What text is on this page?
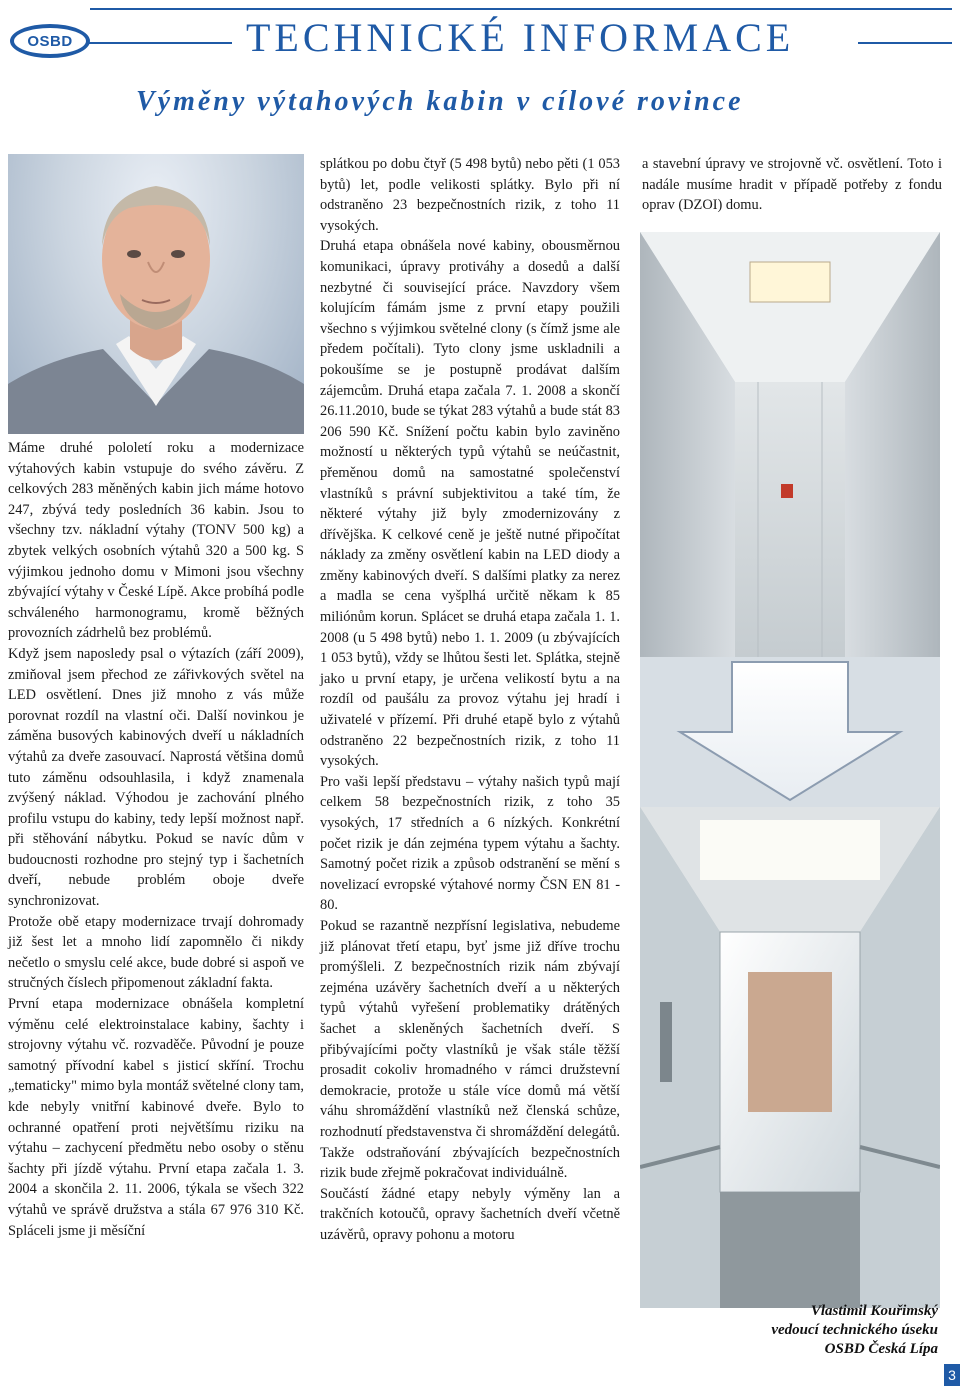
OSBD	TECHNICKÉ INFORMACE
Výměny výtahových kabin v cílové rovince

Máme druhé pololetí roku a modernizace výtahových kabin vstupuje do svého závěru. Z celkových 283 měněných kabin jich máme hotovo 247, zbývá tedy posledních 36 kabin. Jsou to všechny tzv. nákladní výtahy (TONV 500 kg) a zbytek velkých osobních výtahů 320 a 500 kg. S výjimkou jednoho domu v Mimoni jsou všechny zbývající výtahy v České Lípě. Akce probíhá podle schváleného harmonogramu, kromě běžných provozních zádrhelů bez problémů.

Když jsem naposledy psal o výtazích (září 2009), zmiňoval jsem přechod ze zářivkových světel na LED osvětlení. Dnes již mnoho z vás může porovnat rozdíl na vlastní oči. Další novinkou je záměna busových kabinových dveří u nákladních výtahů za dveře zasouvací. Naprostá většina domů tuto záměnu odsouhlasila, i když znamenala zvýšený náklad. Výhodou je zachování plného profilu vstupu do kabiny, tedy lepší možnost např. při stěhování nábytku. Pokud se navíc dům v budoucnosti rozhodne pro stejný typ i šachetních dveří, nebude problém oboje dveře synchronizovat.

Protože obě etapy modernizace trvají dohromady již šest let a mnoho lidí zapomnělo či nikdy nečetlo o smyslu celé akce, bude dobré si aspoň ve stručných číslech připomenout základní fakta.

První etapa modernizace obnášela kompletní výměnu celé elektroinstalace kabiny, šachty i strojovny výtahu vč. rozvaděče. Původní je pouze samotný přívodní kabel s jisticí skříní. Trochu „tematicky" mimo byla montáž světelné clony tam, kde nebyly vnitřní kabinové dveře. Bylo to ochranné opatření proti největšímu riziku na výtahu – zachycení předmětu nebo osoby o stěnu šachty při jízdě výtahu. První etapa začala 1. 3. 2004 a skončila 2. 11. 2006, týkala se všech 322 výtahů ve správě družstva a stála 67 976 310 Kč. Spláceli jsme ji měsíční

splátkou po dobu čtyř (5 498 bytů) nebo pěti (1 053 bytů) let, podle velikosti splátky. Bylo při ní odstraněno 23 bezpečnostních rizik, z toho 11 vysokých.

Druhá etapa obnášela nové kabiny, obousměrnou komunikaci, úpravy protiváhy a dosedů a další nezbytné či související práce. Navzdory všem kolujícím fámám jsme z první etapy použili všechno s výjimkou světelné clony (s čímž jsme ale předem počítali). Tyto clony jsme uskladnili a pokoušíme se je postupně prodávat dalším zájemcům. Druhá etapa začala 7. 1. 2008 a skončí 26.11.2010, bude se týkat 283 výtahů a bude stát 83 206 590 Kč. Snížení počtu kabin bylo zaviněno možností u některých typů výtahů se neúčastnit, přeměnou domů na samostatné společenství vlastníků s právní subjektivitou a také tím, že některé výtahy již byly zmodernizovány z dřívějška. K celkové ceně je ještě nutné připočítat náklady za změny osvětlení kabin na LED diody a změny kabinových dveří. S dalšími platky za nerez a madla se cena vyšplhá určitě někam k 85 miliónům korun. Splácet se druhá etapa začala 1. 1. 2008 (u 5 498 bytů) nebo 1. 1. 2009 (u zbývajících 1 053 bytů), vždy se lhůtou šesti let. Splátka, stejně jako u první etapy, je určena velikostí bytu a na rozdíl od paušálu za provoz výtahu jej hradí i uživatelé v přízemí. Při druhé etapě bylo z výtahů odstraněno 22 bezpečnostních rizik, z toho 11 vysokých.

Pro vaši lepší představu – výtahy našich typů mají celkem 58 bezpečnostních rizik, z toho 35 vysokých, 17 středních a 6 nízkých. Konkrétní počet rizik je dán zejména typem výtahu a šachty. Samotný počet rizik a způsob odstranění se mění s novelizací evropské výtahové normy ČSN EN 81 - 80.

Pokud se razantně nezpřísní legislativa, nebudeme již plánovat třetí etapu, byť jsme již dříve trochu promýšleli. Z bezpečnostních rizik nám zbývají zejména uzávěry šachetních dveří a u některých typů výtahů vyřešení problematiky drátěných šachet a skleněných šachetních dveří. S přibývajícími počty vlastníků je však stále těžší prosadit cokoliv hromadného v rámci družstevní demokracie, protože u stále více domů má větší váhu shromáždění vlastníků než členská schůze, rozhodnutí představenstva či shromáždění delegátů. Takže odstraňování zbývajících bezpečnostních rizik bude zřejmě pokračovat individuálně.

Součástí žádné etapy nebyly výměny lan a trakčních kotoučů, opravy šachetních dveří včetně uzávěrů, opravy pohonu a motoru

a stavební úpravy ve strojovně vč. osvětlení. Toto i nadále musíme hradit v případě potřeby z fondu oprav (DZOI) domu.

Vlastimil Kouřimský
vedoucí technického úseku
OSBD Česká Lípa
3
